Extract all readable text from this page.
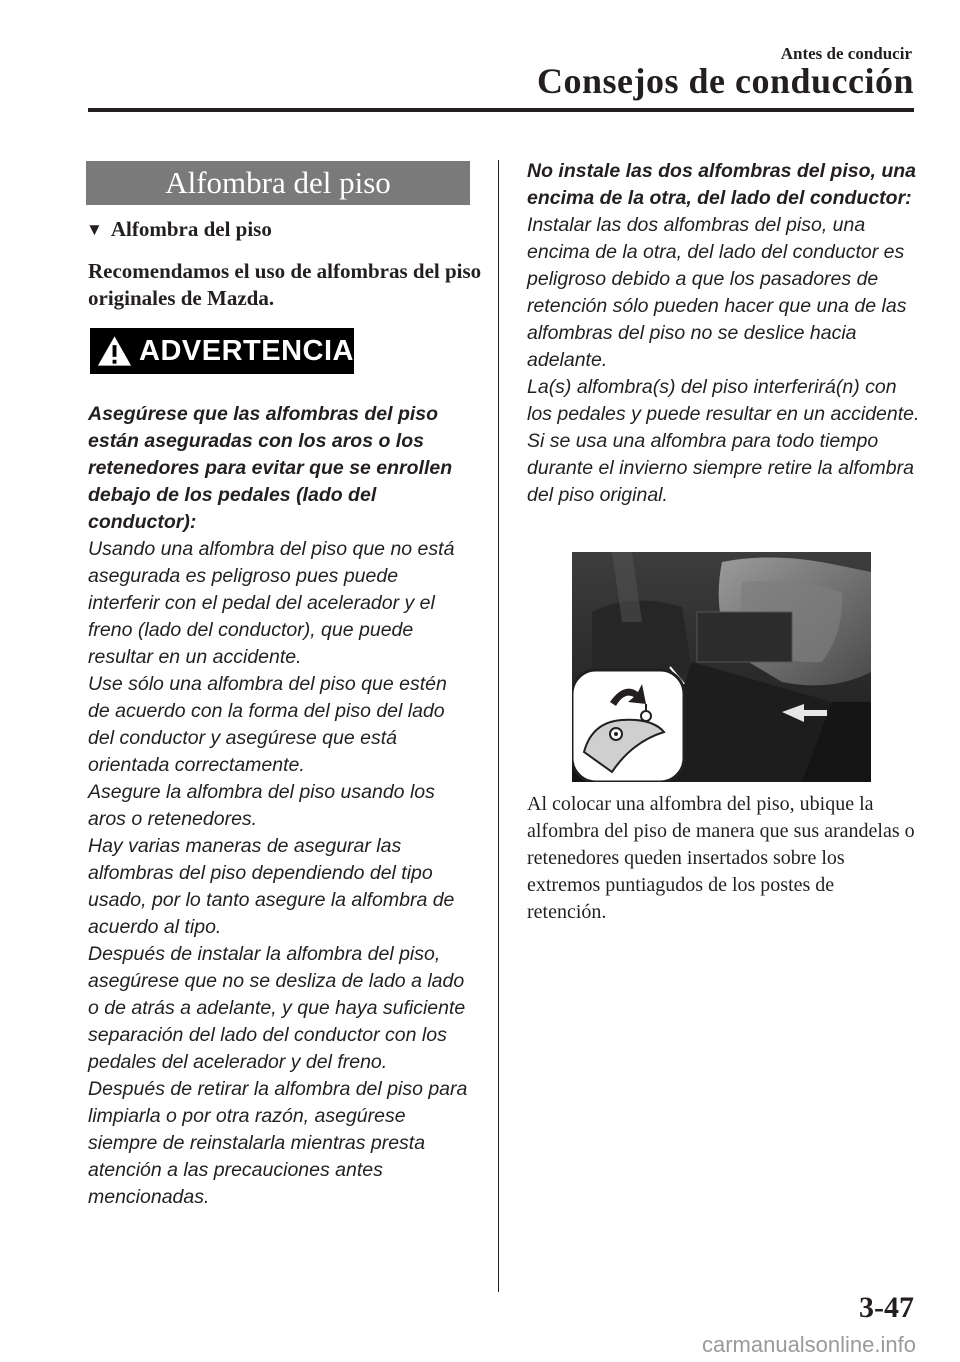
Antes de conducir
Consejos de conducción
Alfombra del piso
▼ Alfombra del piso
Recomendamos el uso de alfombras del piso originales de Mazda.
ADVERTENCIA
Asegúrese que las alfombras del piso están aseguradas con los aros o los retenedores para evitar que se enrollen debajo de los pedales (lado del conductor):
Usando una alfombra del piso que no está asegurada es peligroso pues puede interferir con el pedal del acelerador y el freno (lado del conductor), que puede resultar en un accidente.
Use sólo una alfombra del piso que estén de acuerdo con la forma del piso del lado del conductor y asegúrese que está orientada correctamente.
Asegure la alfombra del piso usando los aros o retenedores.
Hay varias maneras de asegurar las alfombras del piso dependiendo del tipo usado, por lo tanto asegure la alfombra de acuerdo al tipo.
Después de instalar la alfombra del piso, asegúrese que no se desliza de lado a lado o de atrás a adelante, y que haya suficiente separación del lado del conductor con los pedales del acelerador y del freno.
Después de retirar la alfombra del piso para limpiarla o por otra razón, asegúrese siempre de reinstalarla mientras presta atención a las precauciones antes mencionadas.
No instale las dos alfombras del piso, una encima de la otra, del lado del conductor:
Instalar las dos alfombras del piso, una encima de la otra, del lado del conductor es peligroso debido a que los pasadores de retención sólo pueden hacer que una de las alfombras del piso no se deslice hacia adelante.
La(s) alfombra(s) del piso interferirá(n) con los pedales y puede resultar en un accidente.
Si se usa una alfombra para todo tiempo durante el invierno siempre retire la alfombra del piso original.
Al colocar una alfombra del piso, ubique la alfombra del piso de manera que sus arandelas o retenedores queden insertados sobre los extremos puntiagudos de los postes de retención.
3-47
carmanualsonline.info
